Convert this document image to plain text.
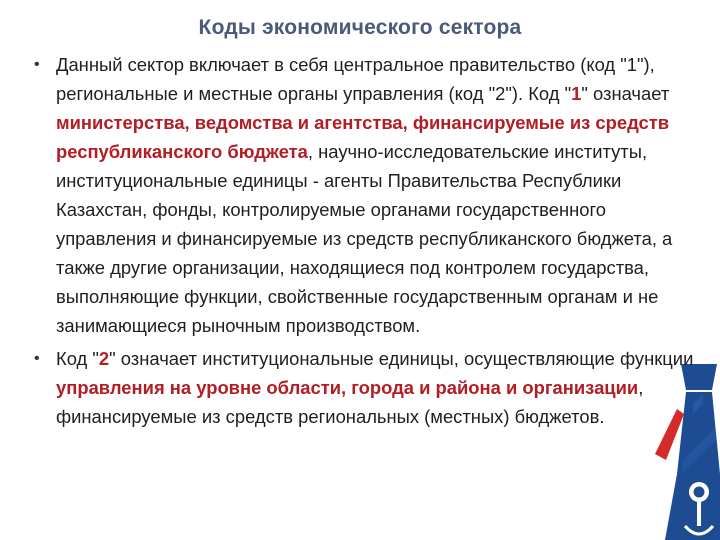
Коды экономического сектора

• Данный сектор включает в себя центральное правительство (код "1"), региональные и местные органы управления (код "2"). Код "1" означает министерства, ведомства и агентства, финансируемые из средств республиканского бюджета, научно-исследовательские институты, институциональные единицы - агенты Правительства Республики Казахстан, фонды, контролируемые органами государственного управления и финансируемые из средств республиканского бюджета, а также другие организации, находящиеся под контролем государства, выполняющие функции, свойственные государственным органам и не занимающиеся рыночным производством.

• Код "2" означает институциональные единицы, осуществляющие функции управления на уровне области, города и района и организации, финансируемые из средств региональных (местных) бюджетов.
